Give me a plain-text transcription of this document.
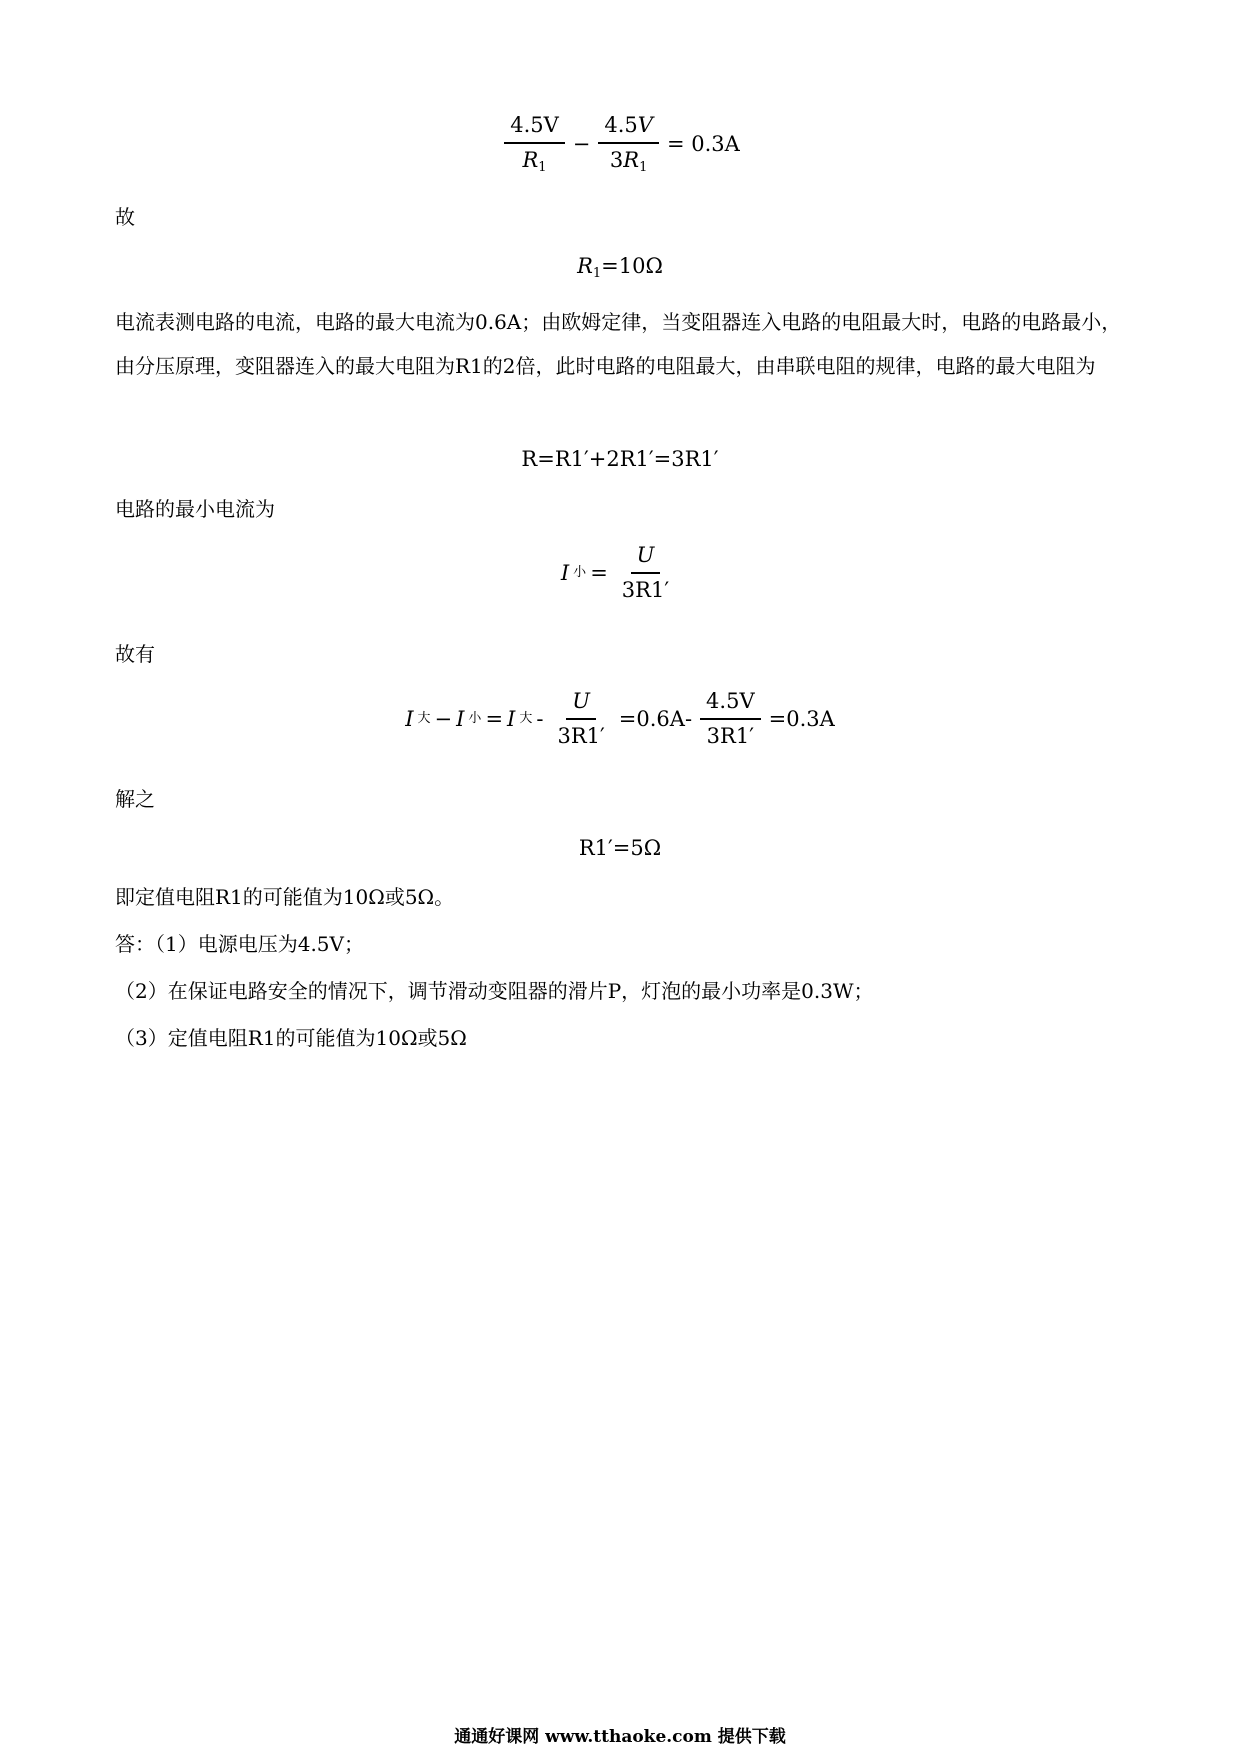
$\frac{4.5V}{R_1} - \frac{4.5V}{3R_1} = 0.3A$
故
$R_1=10\Omega$
电流表测电路的电流，电路的最大电流为0.6A；由欧姆定律，当变阻器连入电路的电阻最大时，电路的电路最小，由分压原理，变阻器连入的最大电阻为R1的2倍，此时电路的电阻最大，由串联电阻的规律，电路的最大电阻为
R=R1′+2R1′=3R1′
电路的最小电流为
I 小 = $\frac{U}{3R1'}$
故有
I 大 − I 小 = I 大 - $\frac{U}{3R1'} =0.6A- \frac{4.5V}{3R1'} =0.3A$
解之
R1′=5Ω
即定值电阻R1的可能值为10Ω或5Ω。
答：（1）电源电压为4.5V；
（2）在保证电路安全的情况下，调节滑动变阻器的滑片P，灯泡的最小功率是0.3W；
（3）定值电阻R1的可能值为10Ω或5Ω
通通好课网 www.tthaoke.com 提供下载
